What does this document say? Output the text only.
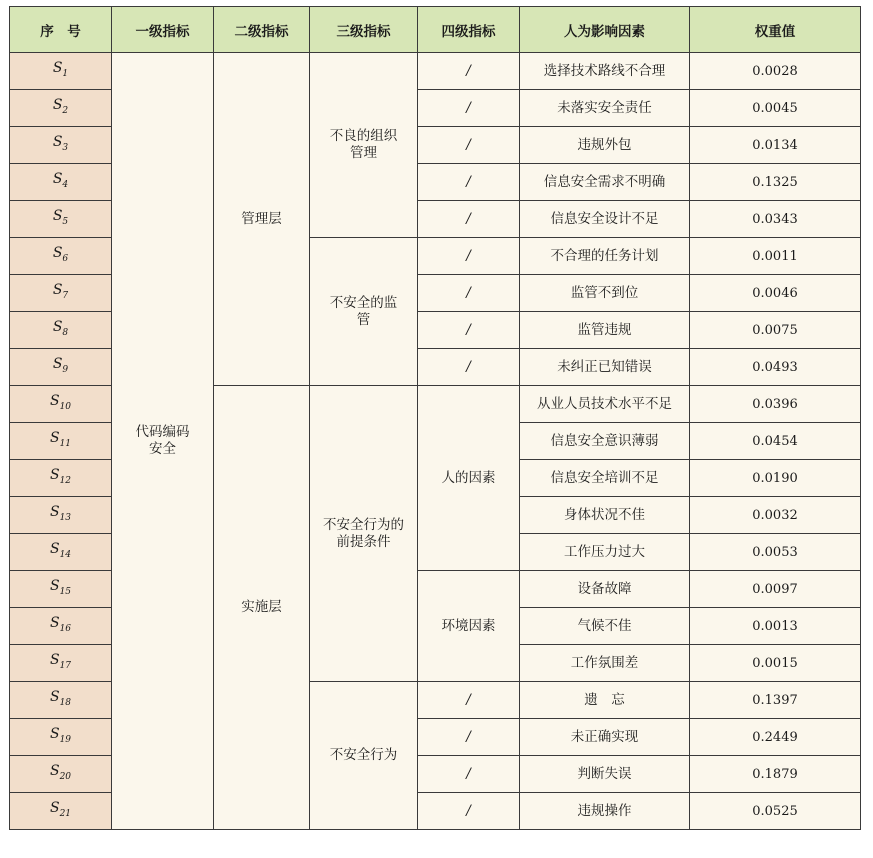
序　号	一级指标	二级指标	三级指标	四级指标	人为影响因素	权重值
$S_1$	代码编码安全	管理层	不良的组织管理	/	选择技术路线不合理	0.0028
$S_2$				/	未落实安全责任	0.0045
$S_3$				/	违规外包	0.0134
$S_4$				/	信息安全需求不明确	0.1325
$S_5$				/	信息安全设计不足	0.0343
$S_6$			不安全的监管	/	不合理的任务计划	0.0011
$S_7$				/	监管不到位	0.0046
$S_8$				/	监管违规	0.0075
$S_9$				/	未纠正已知错误	0.0493
$S_{10}$		实施层	不安全行为的前提条件	人的因素	从业人员技术水平不足	0.0396
$S_{11}$					信息安全意识薄弱	0.0454
$S_{12}$					信息安全培训不足	0.0190
$S_{13}$					身体状况不佳	0.0032
$S_{14}$					工作压力过大	0.0053
$S_{15}$				环境因素	设备故障	0.0097
$S_{16}$					气候不佳	0.0013
$S_{17}$					工作氛围差	0.0015
$S_{18}$			不安全行为	/	遗　忘	0.1397
$S_{19}$				/	未正确实现	0.2449
$S_{20}$				/	判断失误	0.1879
$S_{21}$				/	违规操作	0.0525
